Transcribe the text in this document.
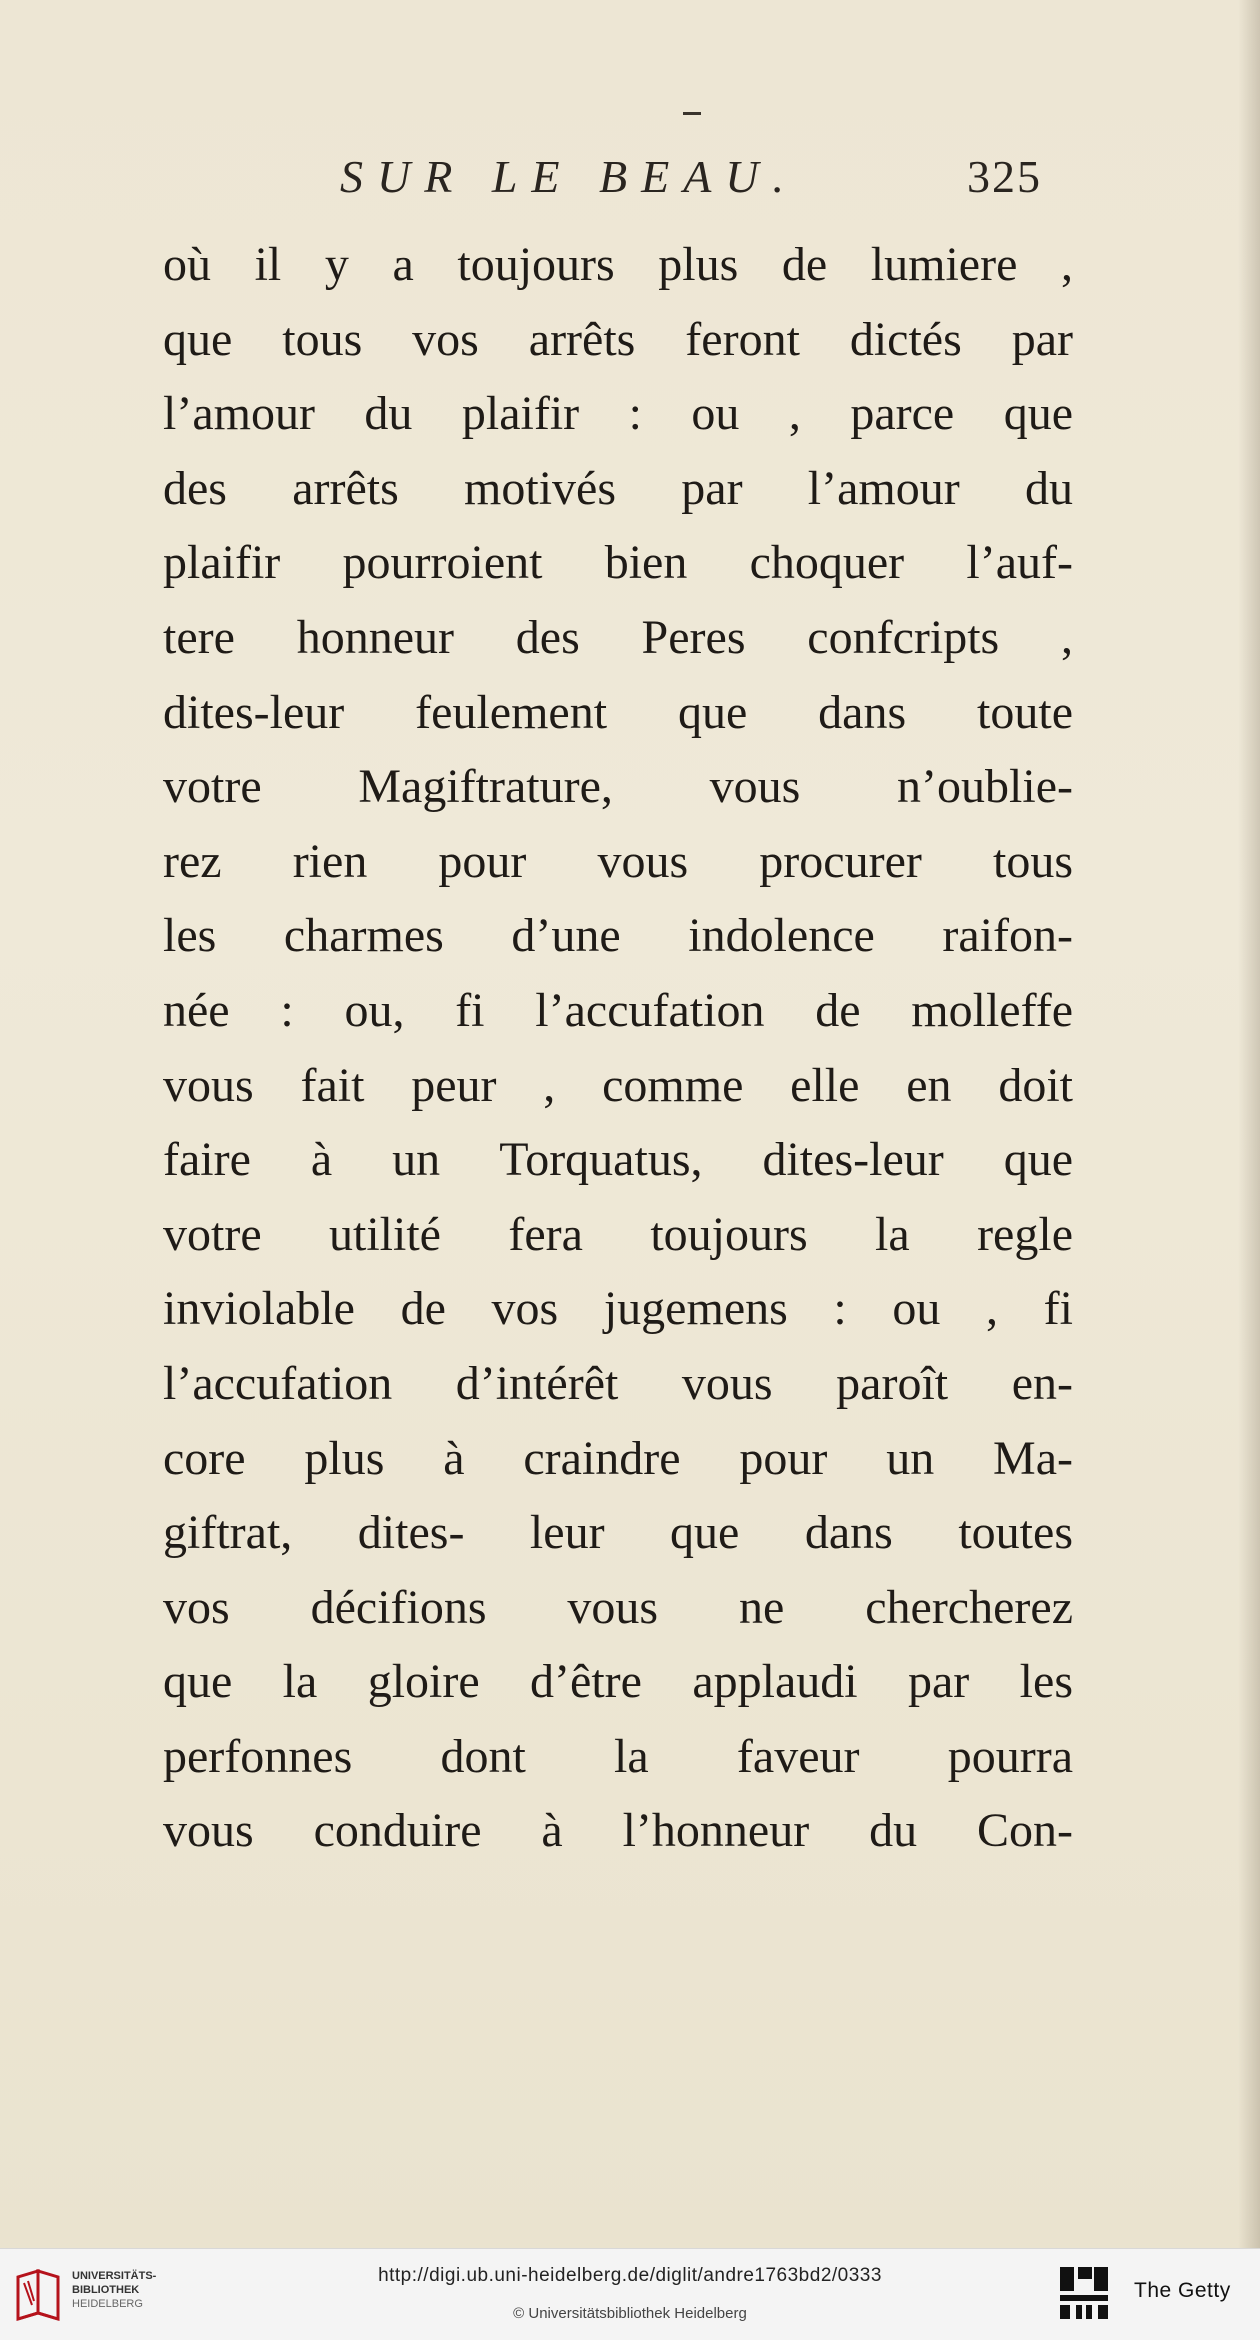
SUR LE BEAU.	325
où il y a toujours plus de lumiere ,
que tous vos arrêts feront dictés par
l’amour du plaifir : ou , parce que
des arrêts motivés par l’amour du
plaifir pourroient bien choquer l’auf-
tere honneur des Peres confcripts ,
dites-leur feulement que dans toute
votre Magiftrature, vous n’oublie-
rez rien pour vous procurer tous
les charmes d’une indolence raifon-
née : ou, fi l’accufation de molleffe
vous fait peur , comme elle en doit
faire à un Torquatus, dites-leur que
votre utilité fera toujours la regle
inviolable de vos jugemens : ou , fi
l’accufation d’intérêt vous paroît en-
core plus à craindre pour un Ma-
giftrat, dites- leur que dans toutes
vos décifions vous ne chercherez
que la gloire d’être applaudi par les
perfonnes dont la faveur pourra
vous conduire à l’honneur du Con-
UNIVERSITÄTS-
BIBLIOTHEK
HEIDELBERG
http://digi.ub.uni-heidelberg.de/diglit/andre1763bd2/0333
© Universitätsbibliothek Heidelberg
The Getty
